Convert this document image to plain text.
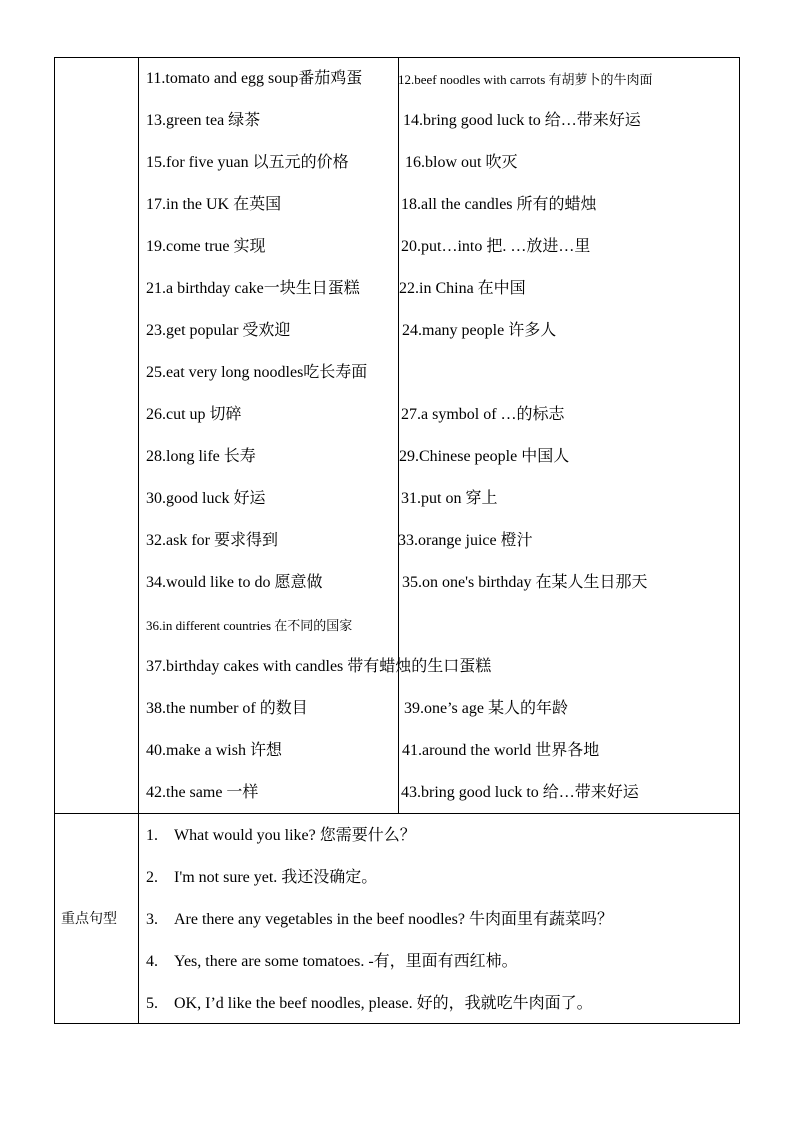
11.tomato and egg soup番茄鸡蛋
13.green tea 绿茶
15.for five yuan 以五元的价格
17.in the UK 在英国
19.come true 实现
21.a birthday cake一块生日蛋糕
23.get popular 受欢迎
25.eat very long noodles吃长寿面
26.cut up 切碎
28.long life 长寿
30.good luck 好运
32.ask for 要求得到
34.would like to do 愿意做
36.in different countries 在不同的国家
37.birthday cakes with candles 带有蜡烛的生口蛋糕
38.the number of 的数目
40.make a wish 许想
42.the same 一样
12.beef noodles with carrots 有胡萝卜的牛肉面
14.bring good luck to 给…带来好运
16.blow out 吹灭
18.all the candles 所有的蜡烛
20.put…into 把. …放进…里
22.in China 在中国
24.many people 许多人
27.a symbol of …的标志
29.Chinese people 中国人
31.put on 穿上
33.orange juice 橙汁
35.on one's birthday 在某人生日那天
39.one’s age 某人的年龄
41.around the world 世界各地
43.bring good luck to 给…带来好运
重点句型
1. What would you like? 您需要什么？
2. I'm not sure yet. 我还没确定。
3. Are there any vegetables in the beef noodles? 牛肉面里有蔬菜吗？
4. Yes, there are some tomatoes. -有，里面有西红柿。
5. OK, I’d like the beef noodles, please. 好的，我就吃牛肉面了。
